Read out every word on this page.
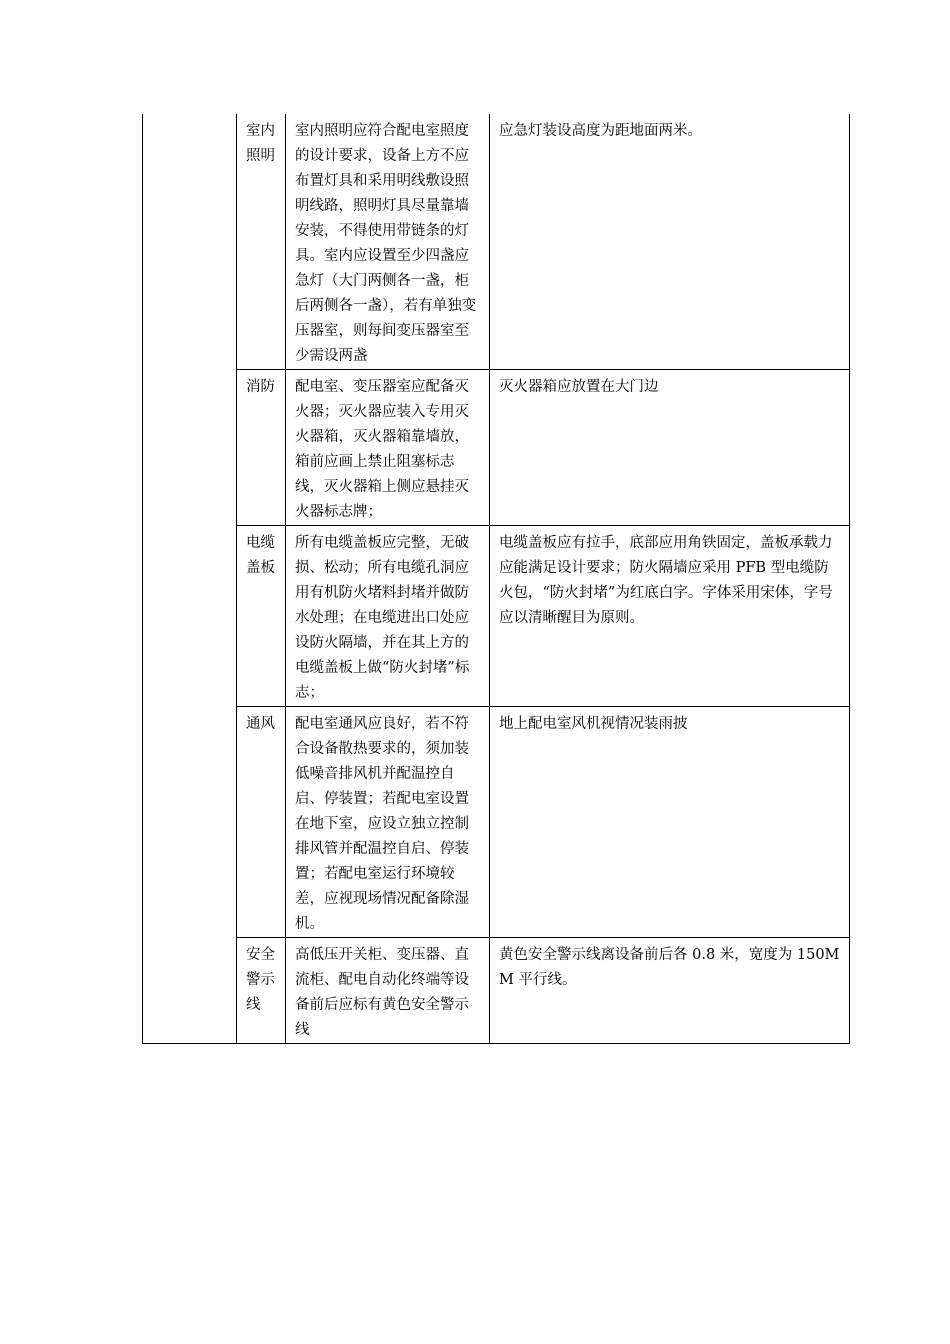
	室内照明	室内照明应符合配电室照度的设计要求，设备上方不应布置灯具和采用明线敷设照明线路，照明灯具尽量靠墙安装，不得使用带链条的灯具。室内应设置至少四盏应急灯（大门两侧各一盏，柜后两侧各一盏），若有单独变压器室，则每间变压器室至少需设两盏	应急灯装设高度为距地面两米。
	消防	配电室、变压器室应配备灭火器；灭火器应装入专用灭火器箱，灭火器箱靠墙放，箱前应画上禁止阻塞标志线，灭火器箱上侧应悬挂灭火器标志牌；	灭火器箱应放置在大门边
	电缆盖板	所有电缆盖板应完整，无破损、松动；所有电缆孔洞应用有机防火堵料封堵并做防水处理；在电缆进出口处应设防火隔墙，并在其上方的电缆盖板上做“防火封堵”标志；	电缆盖板应有拉手，底部应用角铁固定，盖板承载力应能满足设计要求；防火隔墙应采用 PFB 型电缆防火包，“防火封堵”为红底白字。字体采用宋体，字号应以清晰醒目为原则。
	通风	配电室通风应良好，若不符合设备散热要求的，须加装低噪音排风机并配温控自启、停装置；若配电室设置在地下室，应设立独立控制排风管并配温控自启、停装置；若配电室运行环境较差，应视现场情况配备除湿机。	地上配电室风机视情况装雨披
	安全警示线	高低压开关柜、变压器、直流柜、配电自动化终端等设备前后应标有黄色安全警示线	黄色安全警示线离设备前后各 0.8 米，宽度为 150MM 平行线。
